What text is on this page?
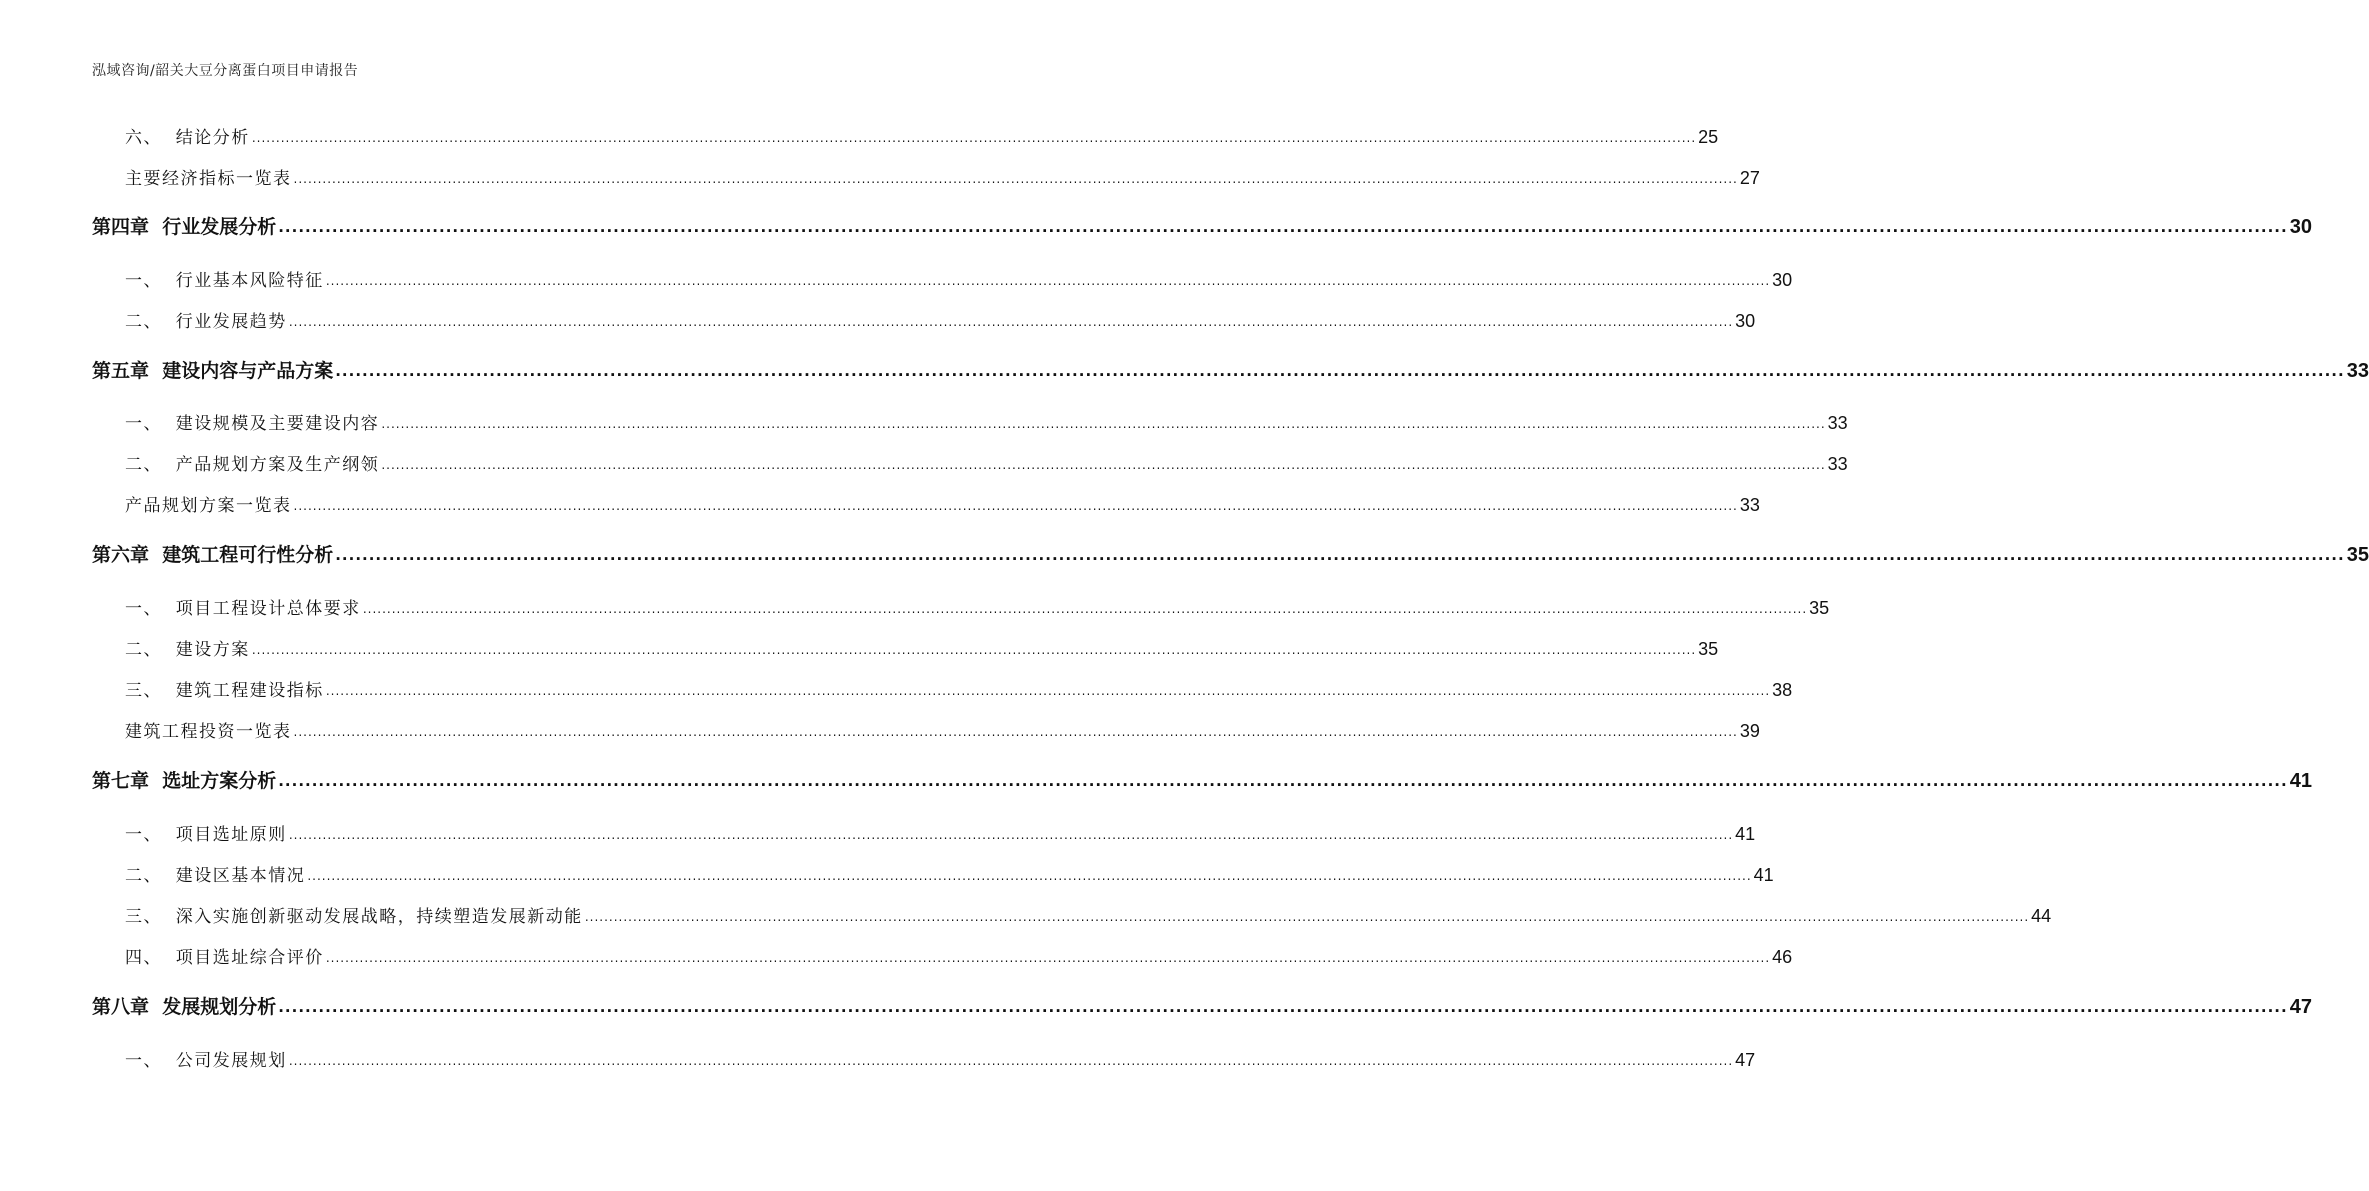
泓域咨询/韶关大豆分离蛋白项目申请报告
六、  结论分析 ............................................................................................................................................................................................................................................................................................................ 25
主要经济指标一览表 ............................................................................................................................................................................................................................................................................................................ 27
第四章  行业发展分析 ............................................................................................................................................................................................................................................................................................................ 30
一、  行业基本风险特征 ............................................................................................................................................................................................................................................................................................................ 30
二、  行业发展趋势 ............................................................................................................................................................................................................................................................................................................ 30
第五章  建设内容与产品方案 ............................................................................................................................................................................................................................................................................................................ 33
一、  建设规模及主要建设内容 ............................................................................................................................................................................................................................................................................................................ 33
二、  产品规划方案及生产纲领 ............................................................................................................................................................................................................................................................................................................ 33
产品规划方案一览表 ............................................................................................................................................................................................................................................................................................................ 33
第六章  建筑工程可行性分析 ............................................................................................................................................................................................................................................................................................................ 35
一、  项目工程设计总体要求 ............................................................................................................................................................................................................................................................................................................ 35
二、  建设方案 ............................................................................................................................................................................................................................................................................................................ 35
三、  建筑工程建设指标 ............................................................................................................................................................................................................................................................................................................ 38
建筑工程投资一览表 ............................................................................................................................................................................................................................................................................................................ 39
第七章  选址方案分析 ............................................................................................................................................................................................................................................................................................................ 41
一、  项目选址原则 ............................................................................................................................................................................................................................................................................................................ 41
二、  建设区基本情况 ............................................................................................................................................................................................................................................................................................................ 41
三、  深入实施创新驱动发展战略，持续塑造发展新动能 ............................................................................................................................................................................................................................................................................................................ 44
四、  项目选址综合评价 ............................................................................................................................................................................................................................................................................................................ 46
第八章  发展规划分析 ............................................................................................................................................................................................................................................................................................................ 47
一、  公司发展规划 ............................................................................................................................................................................................................................................................................................................ 47
